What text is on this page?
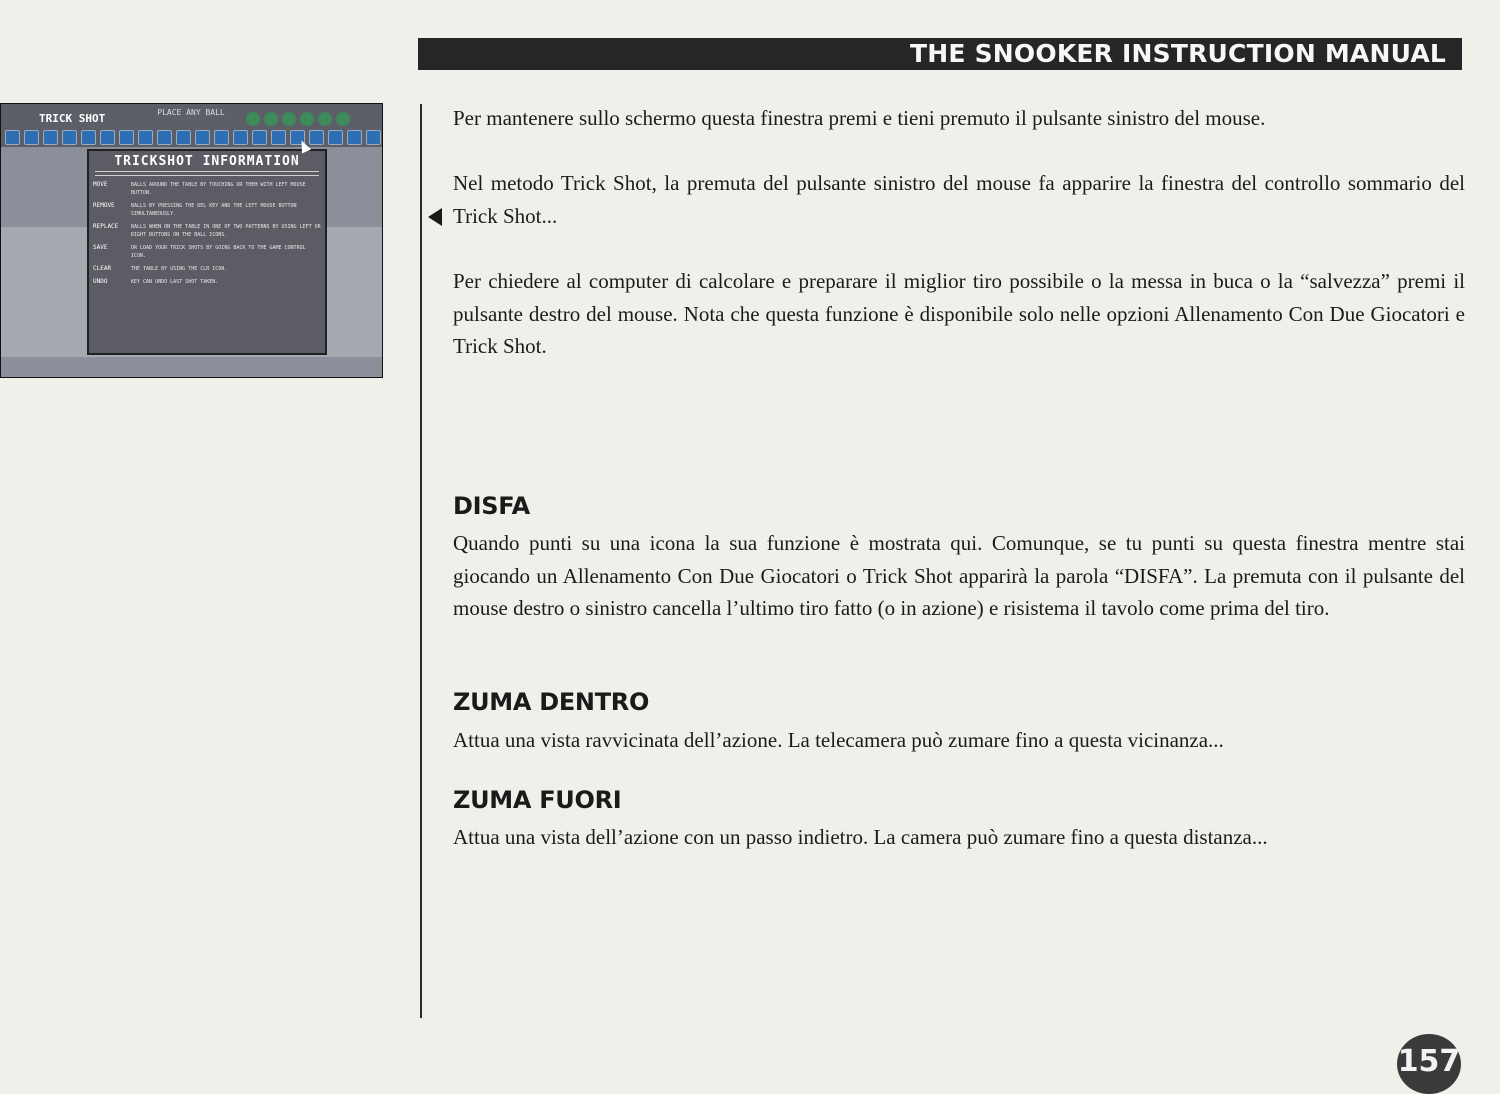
THE SNOOKER INSTRUCTION MANUAL
TRICK SHOT	PLACE ANY BALL
TRICKSHOT INFORMATION
MOVE	BALLS AROUND THE TABLE BY TOUCHING OR THEM WITH LEFT MOUSE BUTTON.
REMOVE	BALLS BY PRESSING THE DEL KEY AND THE LEFT MOUSE BUTTON SIMULTANEOUSLY.
REPLACE	BALLS WHEN ON THE TABLE IN ONE OF TWO PATTERNS BY USING LEFT OR RIGHT BUTTONS ON THE BALL ICONS.
SAVE	OR LOAD YOUR TRICK SHOTS BY GOING BACK TO THE GAME CONTROL ICON.
CLEAR	THE TABLE BY USING THE CLR ICON.
UNDO	KEY CAN UNDO LAST SHOT TAKEN.
Per mantenere sullo schermo questa finestra premi e tieni premuto il pulsante sinistro del mouse.
Nel metodo Trick Shot, la premuta del pulsante sinistro del mouse fa apparire la finestra del controllo sommario del Trick Shot...
Per chiedere al computer di calcolare e preparare il miglior tiro possibile o la messa in buca o la “salvezza” premi il pulsante destro del mouse. Nota che questa funzione è disponibile solo nelle opzioni Allenamento Con Due Giocatori e Trick Shot.
DISFA
Quando punti su una icona la sua funzione è mostrata qui. Comunque, se tu punti su questa finestra mentre stai giocando un Allenamento Con Due Giocatori o Trick Shot apparirà la parola “DISFA”. La premuta con il pulsante del mouse destro o sinistro cancella l’ultimo tiro fatto (o in azione) e risistema il tavolo come prima del tiro.
ZUMA DENTRO
Attua una vista ravvicinata dell’azione. La telecamera può zumare fino a questa vicinanza...
ZUMA FUORI
Attua una vista dell’azione con un passo indietro. La camera può zumare fino a questa distanza...
157
